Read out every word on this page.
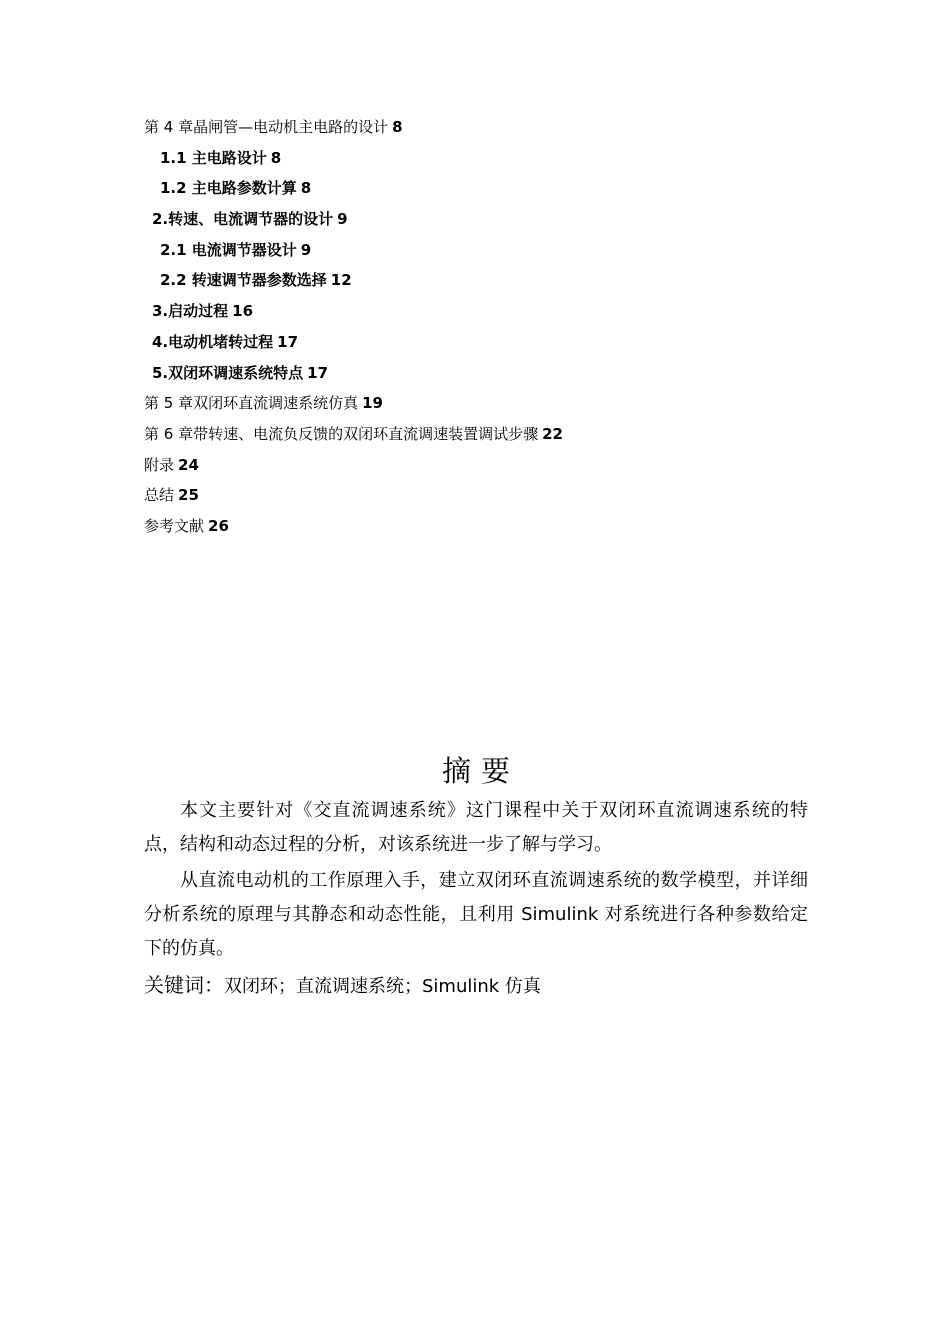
第 4 章晶闸管—电动机主电路的设计 8
1.1 主电路设计 8
1.2 主电路参数计算 8
2.转速、电流调节器的设计 9
2.1 电流调节器设计 9
2.2 转速调节器参数选择 12
3.启动过程 16
4.电动机堵转过程 17
5.双闭环调速系统特点 17
第 5 章双闭环直流调速系统仿真 19
第 6 章带转速、电流负反馈的双闭环直流调速装置调试步骤 22
附录 24
总结 25
参考文献 26
摘要

本文主要针对《交直流调速系统》这门课程中关于双闭环直流调速系统的特点，结构和动态过程的分析，对该系统进一步了解与学习。

从直流电动机的工作原理入手，建立双闭环直流调速系统的数学模型，并详细分析系统的原理与其静态和动态性能，且利用 Simulink 对系统进行各种参数给定下的仿真。

关键词：双闭环；直流调速系统；Simulink 仿真
